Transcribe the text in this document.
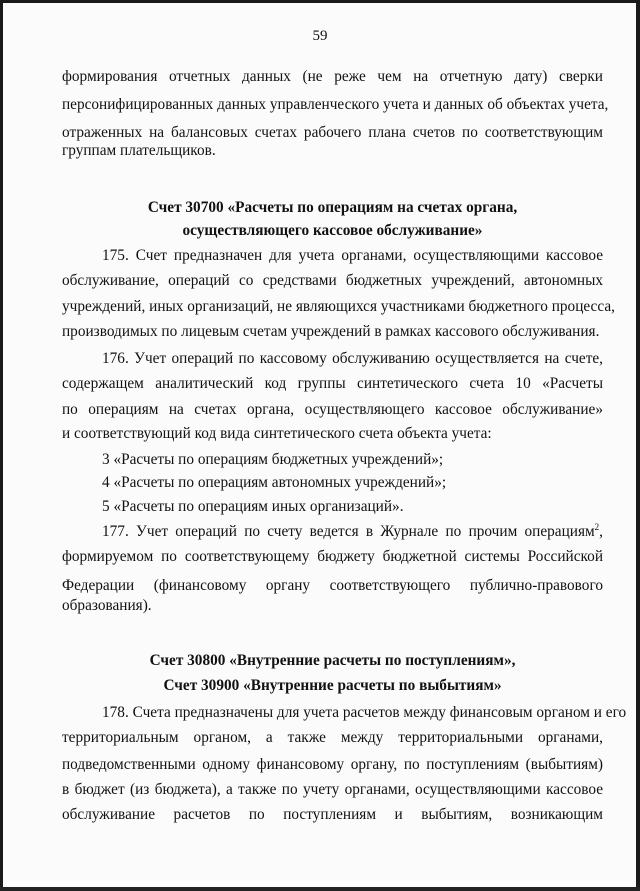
59
формирования отчетных данных (не реже чем на отчетную дату) сверки
персонифицированных данных управленческого учета и данных об объектах учета,
отраженных на балансовых счетах рабочего плана счетов по соответствующим
группам плательщиков.
Счет 30700 «Расчеты по операциям на счетах органа,
осуществляющего кассовое обслуживание»
175. Счет предназначен для учета органами, осуществляющими кассовое
обслуживание, операций со средствами бюджетных учреждений, автономных
учреждений, иных организаций, не являющихся участниками бюджетного процесса,
производимых по лицевым счетам учреждений в рамках кассового обслуживания.
176. Учет операций по кассовому обслуживанию осуществляется на счете,
содержащем аналитический код группы синтетического счета 10 «Расчеты
по операциям на счетах органа, осуществляющего кассовое обслуживание»
и соответствующий код вида синтетического счета объекта учета:
3 «Расчеты по операциям бюджетных учреждений»;
4 «Расчеты по операциям автономных учреждений»;
5 «Расчеты по операциям иных организаций».
177. Учет операций по счету ведется в Журнале по прочим операциям$^2$,
формируемом по соответствующему бюджету бюджетной системы Российской
Федерации (финансовому органу соответствующего публично-правового
образования).
Счет 30800 «Внутренние расчеты по поступлениям»,
Счет 30900 «Внутренние расчеты по выбытиям»
178. Счета предназначены для учета расчетов между финансовым органом и его
территориальным органом, а также между территориальными органами,
подведомственными одному финансовому органу, по поступлениям (выбытиям)
в бюджет (из бюджета), а также по учету органами, осуществляющими кассовое
обслуживание расчетов по поступлениям и выбытиям, возникающим
